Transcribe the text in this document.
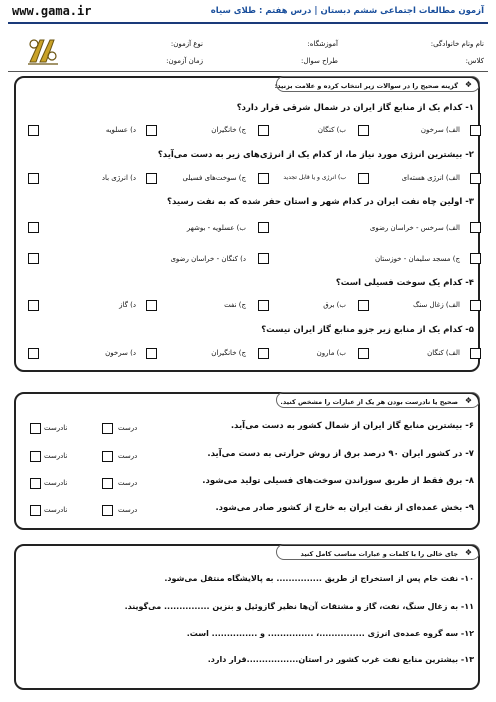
www.gama.ir	آزمون مطالعات اجتماعی ششم دبستان | درس هفتم : طلای سیاه
نام ونام خانوادگی:
آموزشگاه:
نوع آزمون:
کلاس:
طراح سوال:
زمان آزمون:
❖
گزینه صحیح را در سوالات زیر انتخاب کرده و علامت بزنید:
۱- کدام یک از منابع گاز ایران در شمال شرقی قرار دارد؟
الف) سرخون
ب) کنگان
ج) خانگیران
د) عسلویه
۲- بیشترین انرژی مورد نیاز ما، از کدام یک از انرژی‌های زیر به دست می‌آید؟
الف) انرژی هسته‌ای
ب) انرژی و یا قابل تجدید
ج) سوخت‌های فسیلی
د) انرژی باد
۳- اولین چاه نفت ایران در کدام شهر و استان حفر شده که به نفت رسید؟
الف) سرخس - خراسان رضوی
ب) عسلویه - بوشهر
ج) مسجد سلیمان - خوزستان
د) کنگان - خراسان رضوی
۴- کدام یک سوخت فسیلی است؟
الف) زغال سنگ
ب) برق
ج) نفت
د) گاز
۵- کدام یک از منابع زیر جزو منابع گاز ایران نیست؟
الف) کنگان
ب) مارون
ج) خانگیران
د) سرخون
❖
صحیح یا نادرست بودن هر یک از عبارات را مشخص کنید.
۶- بیشترین منابع گاز ایران از شمال کشور به دست می‌آید.
درست
نادرست
۷- در کشور ایران ۹۰ درصد برق از روش حرارتی به دست می‌آید.
درست
نادرست
۸- برق فقط از طریق سوزاندن سوخت‌های فسیلی تولید می‌شود.
درست
نادرست
۹- بخش عمده‌ای از نفت ایران به خارج از کشور صادر می‌شود.
درست
نادرست
❖
جای خالی را با کلمات و عبارات مناسب کامل کنید
۱۰- نفت خام پس از استخراج از طریق ............... به پالایشگاه منتقل می‌شود.
۱۱- به زغال سنگ، نفت، گاز و مشتقات آن‌ها نظیر گازوئیل و بنزین ............... می‌گویند.
۱۲- سه گروه عمده‌ی انرژی ...............، ............... و ............... است.
۱۳- بیشترین منابع نفت غرب کشور در استان.................قرار دارد.
